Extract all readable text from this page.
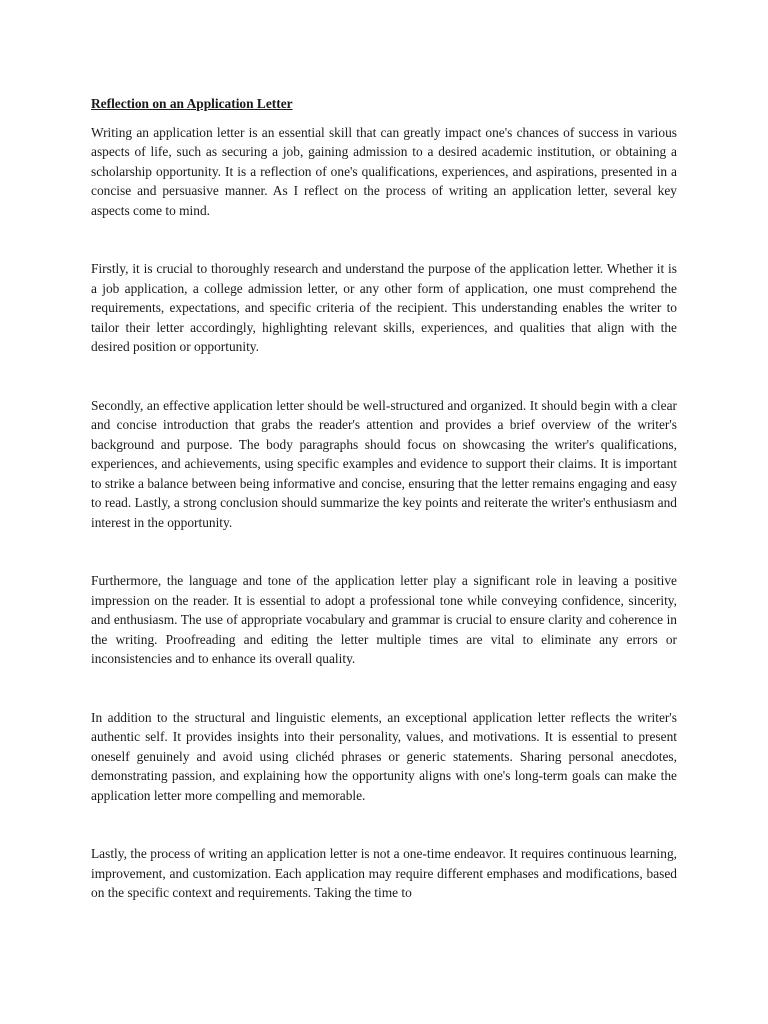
Reflection on an Application Letter

Writing an application letter is an essential skill that can greatly impact one's chances of success in various aspects of life, such as securing a job, gaining admission to a desired academic institution, or obtaining a scholarship opportunity. It is a reflection of one's qualifications, experiences, and aspirations, presented in a concise and persuasive manner. As I reflect on the process of writing an application letter, several key aspects come to mind.

Firstly, it is crucial to thoroughly research and understand the purpose of the application letter. Whether it is a job application, a college admission letter, or any other form of application, one must comprehend the requirements, expectations, and specific criteria of the recipient. This understanding enables the writer to tailor their letter accordingly, highlighting relevant skills, experiences, and qualities that align with the desired position or opportunity.

Secondly, an effective application letter should be well-structured and organized. It should begin with a clear and concise introduction that grabs the reader's attention and provides a brief overview of the writer's background and purpose. The body paragraphs should focus on showcasing the writer's qualifications, experiences, and achievements, using specific examples and evidence to support their claims. It is important to strike a balance between being informative and concise, ensuring that the letter remains engaging and easy to read. Lastly, a strong conclusion should summarize the key points and reiterate the writer's enthusiasm and interest in the opportunity.

Furthermore, the language and tone of the application letter play a significant role in leaving a positive impression on the reader. It is essential to adopt a professional tone while conveying confidence, sincerity, and enthusiasm. The use of appropriate vocabulary and grammar is crucial to ensure clarity and coherence in the writing. Proofreading and editing the letter multiple times are vital to eliminate any errors or inconsistencies and to enhance its overall quality.

In addition to the structural and linguistic elements, an exceptional application letter reflects the writer's authentic self. It provides insights into their personality, values, and motivations. It is essential to present oneself genuinely and avoid using clichéd phrases or generic statements. Sharing personal anecdotes, demonstrating passion, and explaining how the opportunity aligns with one's long-term goals can make the application letter more compelling and memorable.

Lastly, the process of writing an application letter is not a one-time endeavor. It requires continuous learning, improvement, and customization. Each application may require different emphases and modifications, based on the specific context and requirements. Taking the time to
